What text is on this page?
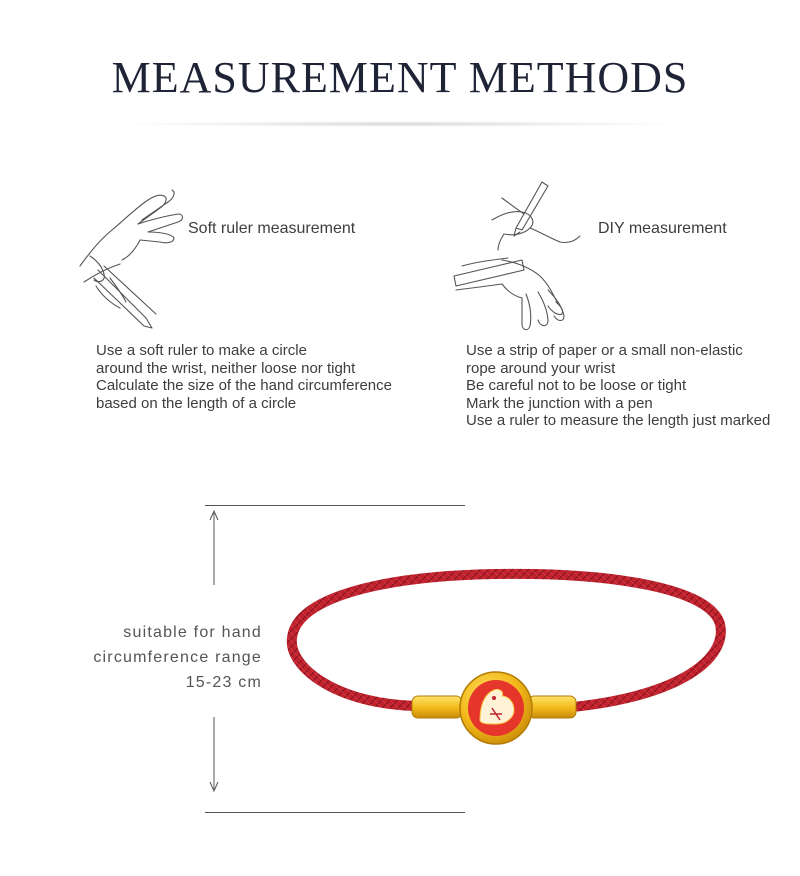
MEASUREMENT METHODS
Soft ruler measurement
Use a soft ruler to make a circle
around the wrist, neither loose nor tight
Calculate the size of the hand circumference
based on the length of a circle
DIY measurement
Use a strip of paper or a small non-elastic
rope around your wrist
Be careful not to be loose or tight
Mark the junction with a pen
Use a ruler to measure the length just marked
suitable for hand
circumference range
15-23 cm
